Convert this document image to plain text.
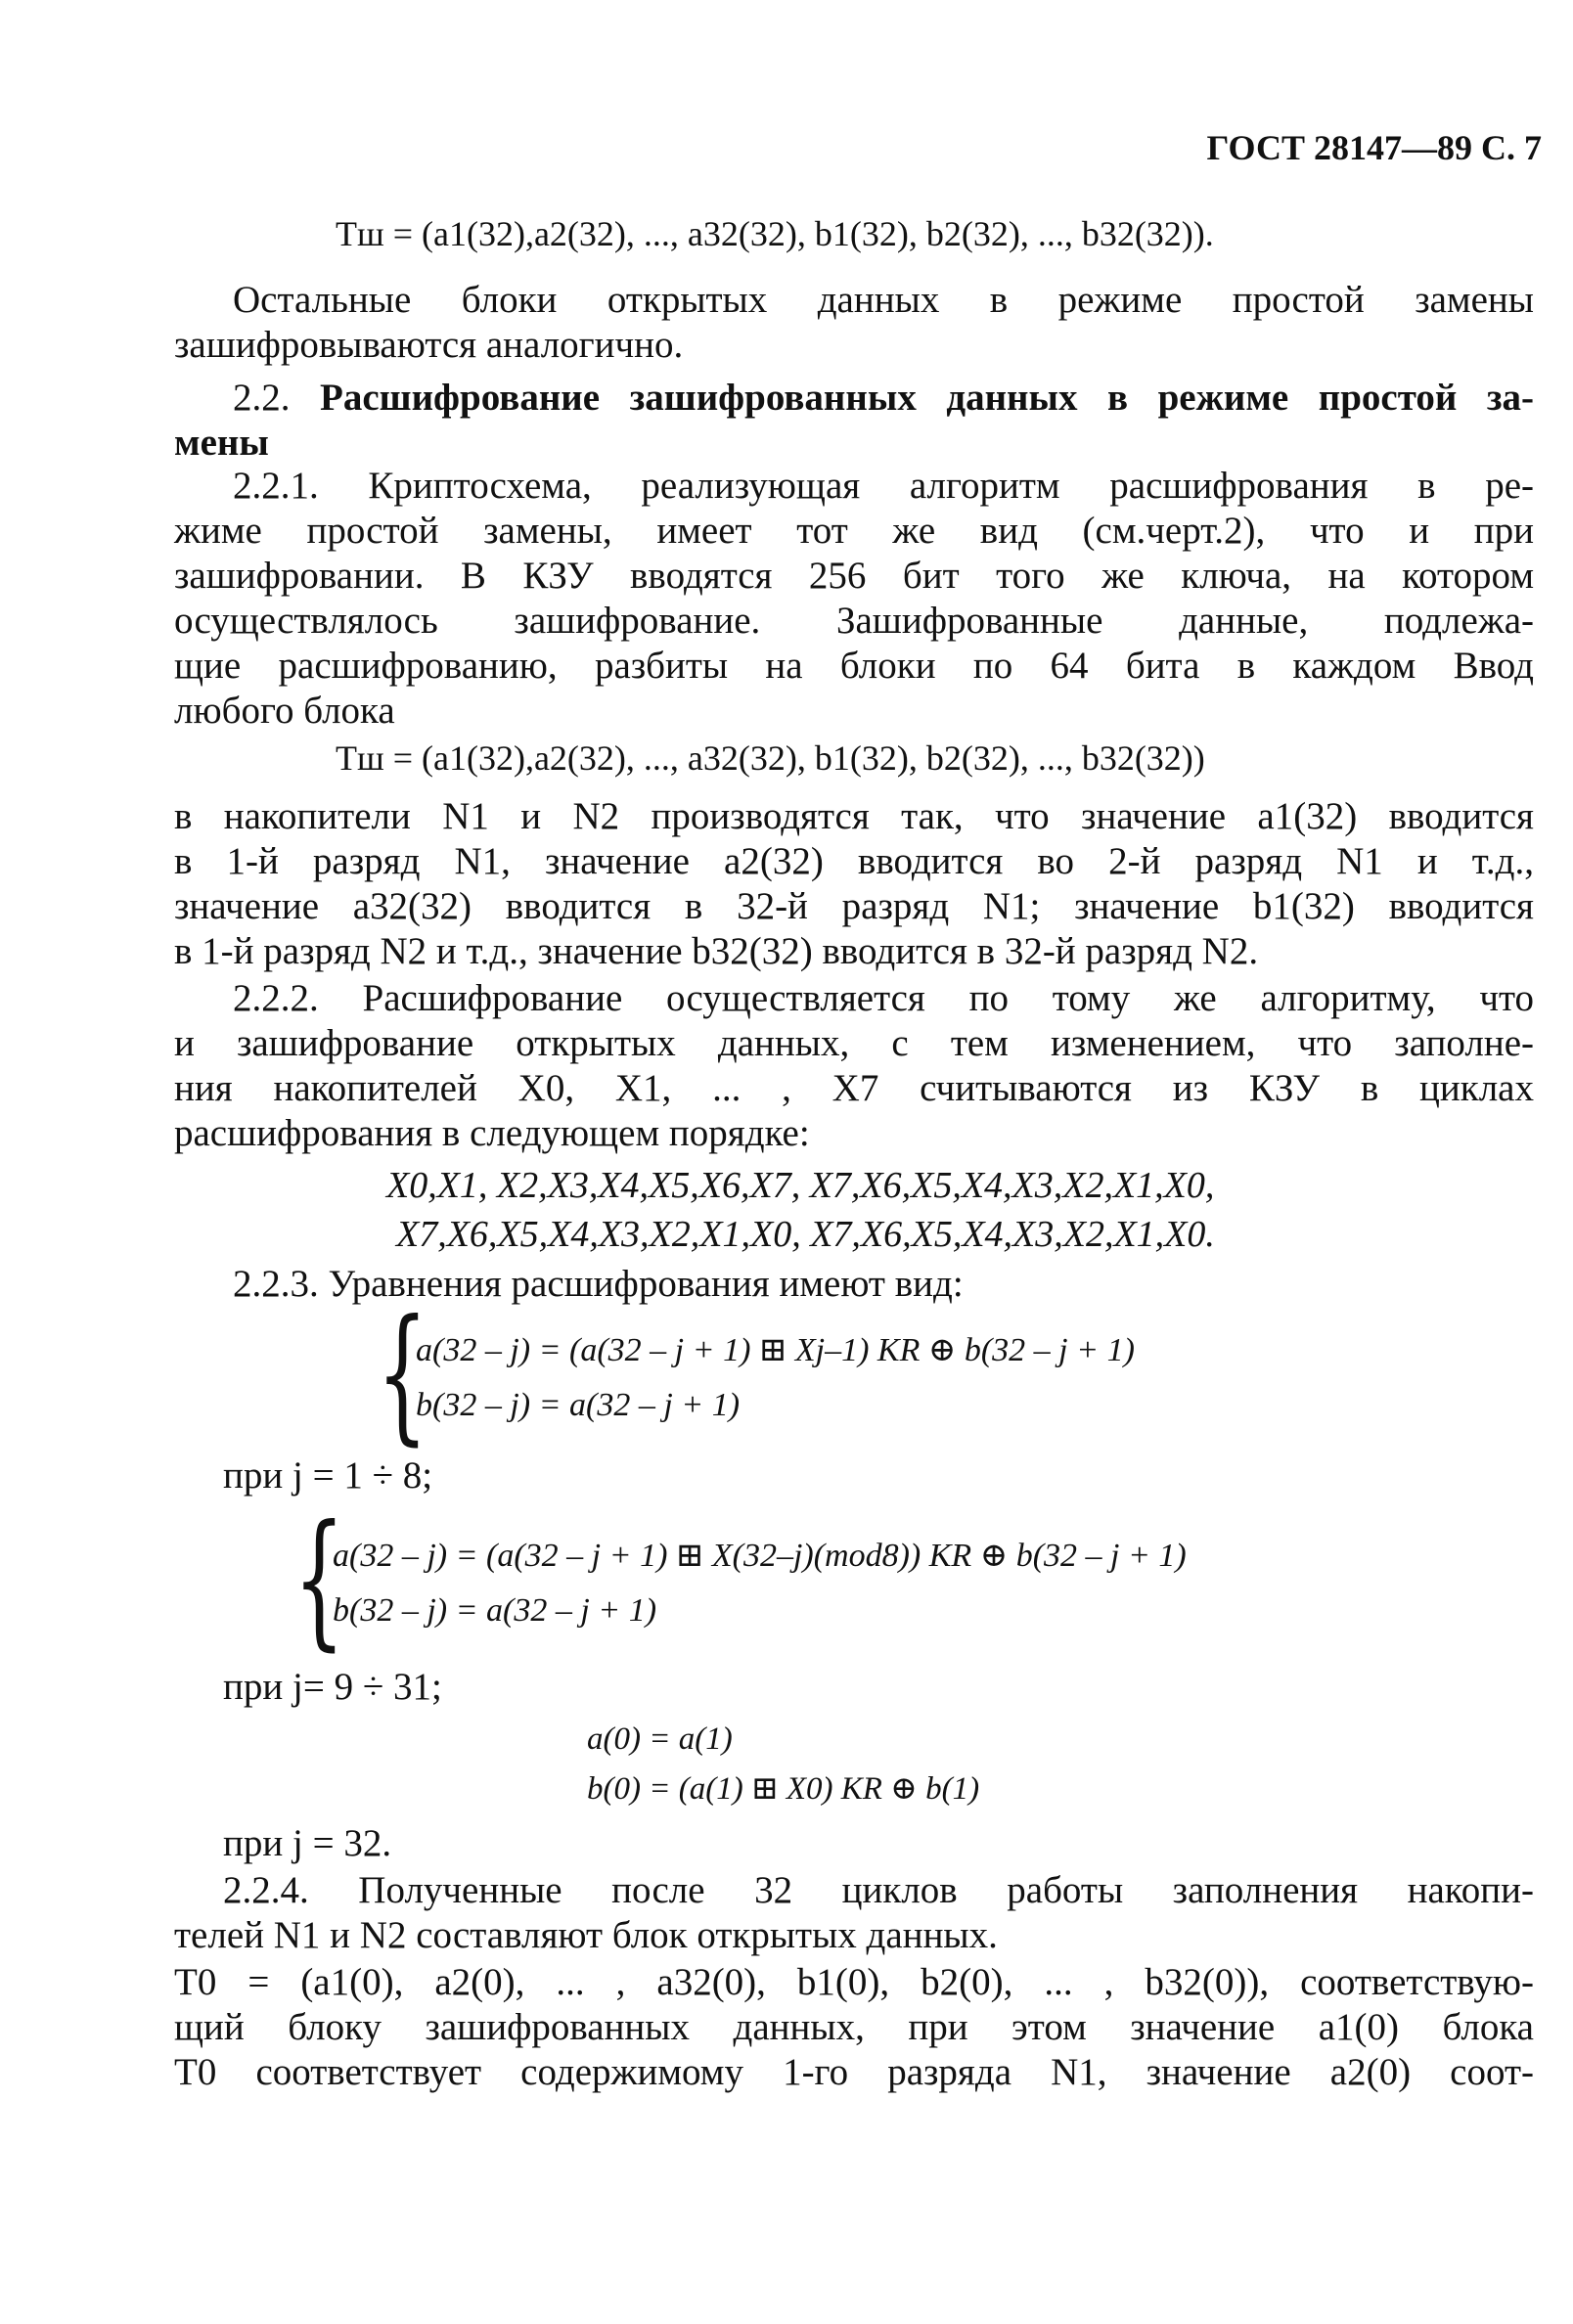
ГОСТ 28147—89 С. 7
Tш = (a1(32),a2(32), ..., a32(32), b1(32), b2(32), ..., b32(32)).
Остальные блоки открытых данных в режиме простой замены
зашифровываются аналогично.
2.2. Расшифрование зашифрованных данных в режиме простой за-
мены
2.2.1. Криптосхема, реализующая алгоритм расшифрования в ре-
жиме простой замены, имеет тот же вид (см.черт.2), что и при
зашифровании. В КЗУ вводятся 256 бит того же ключа, на котором
осуществлялось зашифрование. Зашифрованные данные, подлежа-
щие расшифрованию, разбиты на блоки по 64 бита в каждом Ввод
любого блока
Tш = (a1(32),a2(32), ..., a32(32), b1(32), b2(32), ..., b32(32))
в накопители N1 и N2 производятся так, что значение a1(32) вводится
в 1-й разряд N1, значение a2(32) вводится во 2-й разряд N1 и т.д.,
значение a32(32) вводится в 32-й разряд N1; значение b1(32) вводится
в 1-й разряд N2 и т.д., значение b32(32) вводится в 32-й разряд N2.
2.2.2. Расшифрование осуществляется по тому же алгоритму, что
и зашифрование открытых данных, с тем изменением, что заполне-
ния накопителей X0, X1, ... , X7 считываются из КЗУ в циклах
расшифрования в следующем порядке:
X0,X1, X2,X3,X4,X5,X6,X7, X7,X6,X5,X4,X3,X2,X1,X0,
X7,X6,X5,X4,X3,X2,X1,X0, X7,X6,X5,X4,X3,X2,X1,X0.
2.2.3. Уравнения расшифрования имеют вид:
{
a(32 – j) = (a(32 – j + 1) ⊞ Xj–1) KR ⊕ b(32 – j + 1)
b(32 – j) = a(32 – j + 1)
при j = 1 ÷ 8;
{
a(32 – j) = (a(32 – j + 1) ⊞ X(32–j)(mod8)) KR ⊕ b(32 – j + 1)
b(32 – j) = a(32 – j + 1)
при j= 9 ÷ 31;
a(0) = a(1)
b(0) = (a(1) ⊞ X0) KR ⊕ b(1)
при j = 32.
2.2.4. Полученные после 32 циклов работы заполнения накопи-
телей N1 и N2 составляют блок открытых данных.
T0 = (a1(0), a2(0), ... , a32(0), b1(0), b2(0), ... , b32(0)), соответствую-
щий блоку зашифрованных данных, при этом значение a1(0) блока
T0 соответствует содержимому 1-го разряда N1, значение a2(0) соот-
